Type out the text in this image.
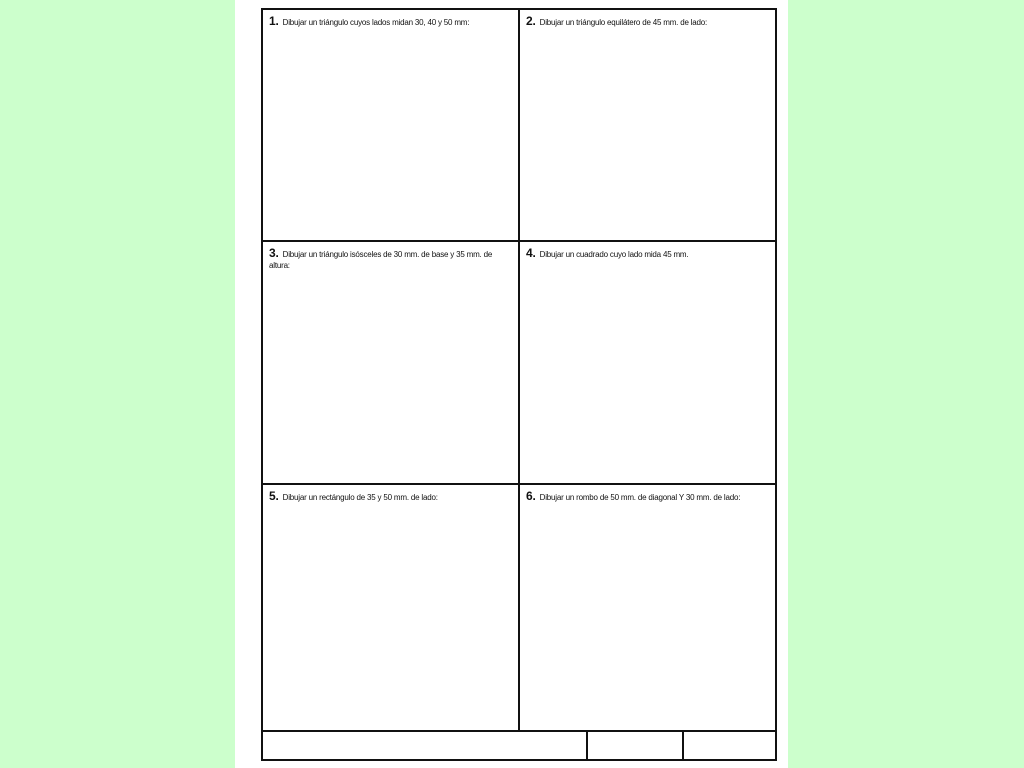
1. Dibujar un triángulo cuyos lados midan 30, 40 y 50 mm:	2. Dibujar un triángulo equilátero de 45 mm. de lado:
3. Dibujar un triángulo isósceles de 30 mm. de base y 35 mm. de altura:
4. Dibujar un cuadrado cuyo lado mida 45 mm.
5. Dibujar un rectángulo de 35 y 50 mm. de lado:	6. Dibujar un rombo de 50 mm. de diagonal Y 30 mm. de lado:
